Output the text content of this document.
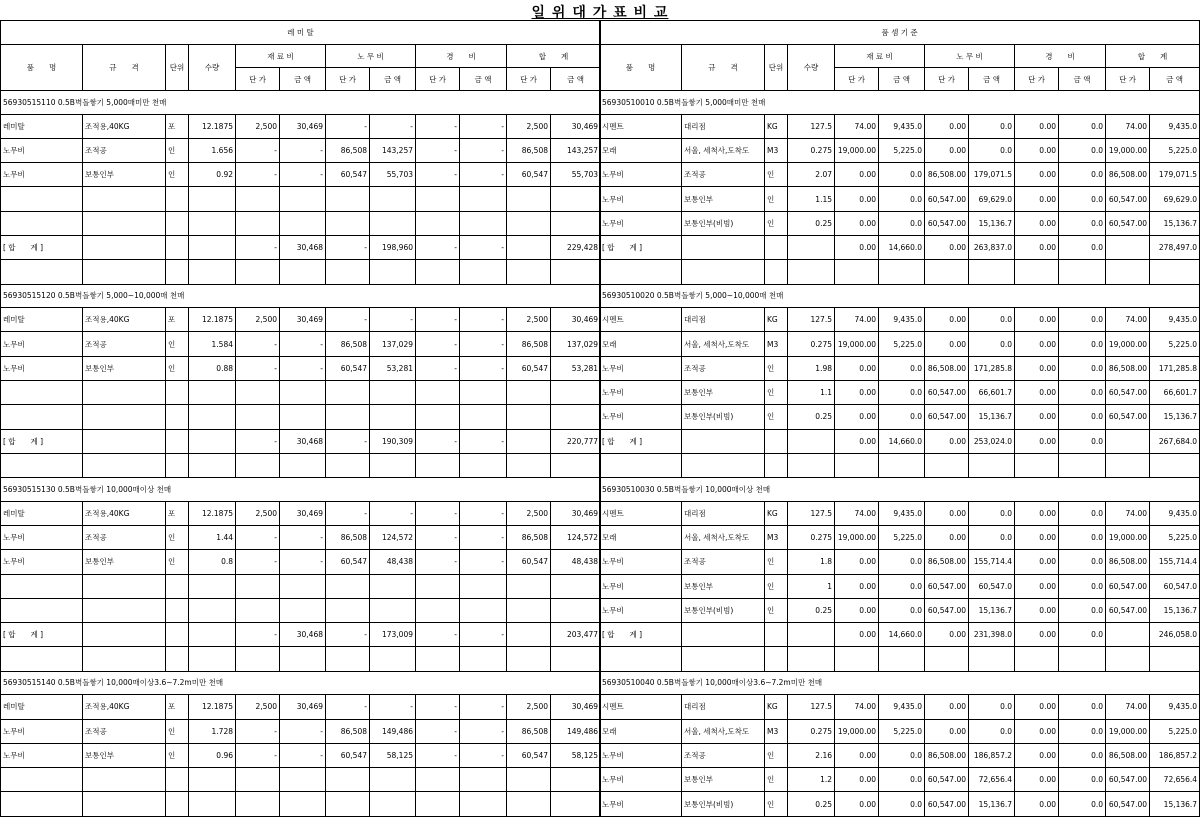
일 위 대 가 표 비 교
레 미 탈											
품　　명	규　　격	단위	수량	재 료 비		노 무 비		경　　비		합　　계	
				단 가	금 액	단 가	금 액	단 가	금 액	단 가	금 액
56930515110 0.5B벽돌쌓기 5,000매미만 천매											
레미탈	조적용,40KG	포	12.1875	2,500	30,469	-	-	-	-	2,500	30,469
노무비	조적공	인	1.656	-	-	86,508	143,257	-	-	86,508	143,257
노무비	보통인부	인	0.92	-	-	60,547	55,703	-	-	60,547	55,703

[ 합　　계 ]				-	30,468	-	198,960	-	-		229,428

56930515120 0.5B벽돌쌓기 5,000~10,000매 천매											
레미탈	조적용,40KG	포	12.1875	2,500	30,469	-	-	-	-	2,500	30,469
노무비	조적공	인	1.584	-	-	86,508	137,029	-	-	86,508	137,029
노무비	보통인부	인	0.88	-	-	60,547	53,281	-	-	60,547	53,281

[ 합　　계 ]				-	30,468	-	190,309	-	-		220,777

56930515130 0.5B벽돌쌓기 10,000매이상 천매											
레미탈	조적용,40KG	포	12.1875	2,500	30,469	-	-	-	-	2,500	30,469
노무비	조적공	인	1.44	-	-	86,508	124,572	-	-	86,508	124,572
노무비	보통인부	인	0.8	-	-	60,547	48,438	-	-	60,547	48,438

[ 합　　계 ]				-	30,468	-	173,009	-	-		203,477

56930515140 0.5B벽돌쌓기 10,000매이상3.6~7.2m미만 천매											
레미탈	조적용,40KG	포	12.1875	2,500	30,469	-	-	-	-	2,500	30,469
노무비	조적공	인	1.728	-	-	86,508	149,486	-	-	86,508	149,486
노무비	보통인부	인	0.96	-	-	60,547	58,125	-	-	60,547	58,125

품 셈 기 준											
품　　명	규　　격	단위	수량	재 료 비		노 무 비		경　　비		합　　계	
				단 가	금 액	단 가	금 액	단 가	금 액	단 가	금 액
56930510010 0.5B벽돌쌓기 5,000매미만 천매											
시멘트	대리점	KG	127.5	74.00	9,435.0	0.00	0.0	0.00	0.0	74.00	9,435.0
모래	서울, 세척사,도착도	M3	0.275	19,000.00	5,225.0	0.00	0.0	0.00	0.0	19,000.00	5,225.0
노무비	조적공	인	2.07	0.00	0.0	86,508.00	179,071.5	0.00	0.0	86,508.00	179,071.5
노무비	보통인부	인	1.15	0.00	0.0	60,547.00	69,629.0	0.00	0.0	60,547.00	69,629.0
노무비	보통인부(비빔)	인	0.25	0.00	0.0	60,547.00	15,136.7	0.00	0.0	60,547.00	15,136.7
[ 합　　계 ]				0.00	14,660.0	0.00	263,837.0	0.00	0.0		278,497.0

56930510020 0.5B벽돌쌓기 5,000~10,000매 천매											
시멘트	대리점	KG	127.5	74.00	9,435.0	0.00	0.0	0.00	0.0	74.00	9,435.0
모래	서울, 세척사,도착도	M3	0.275	19,000.00	5,225.0	0.00	0.0	0.00	0.0	19,000.00	5,225.0
노무비	조적공	인	1.98	0.00	0.0	86,508.00	171,285.8	0.00	0.0	86,508.00	171,285.8
노무비	보통인부	인	1.1	0.00	0.0	60,547.00	66,601.7	0.00	0.0	60,547.00	66,601.7
노무비	보통인부(비빔)	인	0.25	0.00	0.0	60,547.00	15,136.7	0.00	0.0	60,547.00	15,136.7
[ 합　　계 ]				0.00	14,660.0	0.00	253,024.0	0.00	0.0		267,684.0

56930510030 0.5B벽돌쌓기 10,000매이상 천매											
시멘트	대리점	KG	127.5	74.00	9,435.0	0.00	0.0	0.00	0.0	74.00	9,435.0
모래	서울, 세척사,도착도	M3	0.275	19,000.00	5,225.0	0.00	0.0	0.00	0.0	19,000.00	5,225.0
노무비	조적공	인	1.8	0.00	0.0	86,508.00	155,714.4	0.00	0.0	86,508.00	155,714.4
노무비	보통인부	인	1	0.00	0.0	60,547.00	60,547.0	0.00	0.0	60,547.00	60,547.0
노무비	보통인부(비빔)	인	0.25	0.00	0.0	60,547.00	15,136.7	0.00	0.0	60,547.00	15,136.7
[ 합　　계 ]				0.00	14,660.0	0.00	231,398.0	0.00	0.0		246,058.0

56930510040 0.5B벽돌쌓기 10,000매이상3.6~7.2m미만 천매											
시멘트	대리점	KG	127.5	74.00	9,435.0	0.00	0.0	0.00	0.0	74.00	9,435.0
모래	서울, 세척사,도착도	M3	0.275	19,000.00	5,225.0	0.00	0.0	0.00	0.0	19,000.00	5,225.0
노무비	조적공	인	2.16	0.00	0.0	86,508.00	186,857.2	0.00	0.0	86,508.00	186,857.2
노무비	보통인부	인	1.2	0.00	0.0	60,547.00	72,656.4	0.00	0.0	60,547.00	72,656.4
노무비	보통인부(비빔)	인	0.25	0.00	0.0	60,547.00	15,136.7	0.00	0.0	60,547.00	15,136.7
